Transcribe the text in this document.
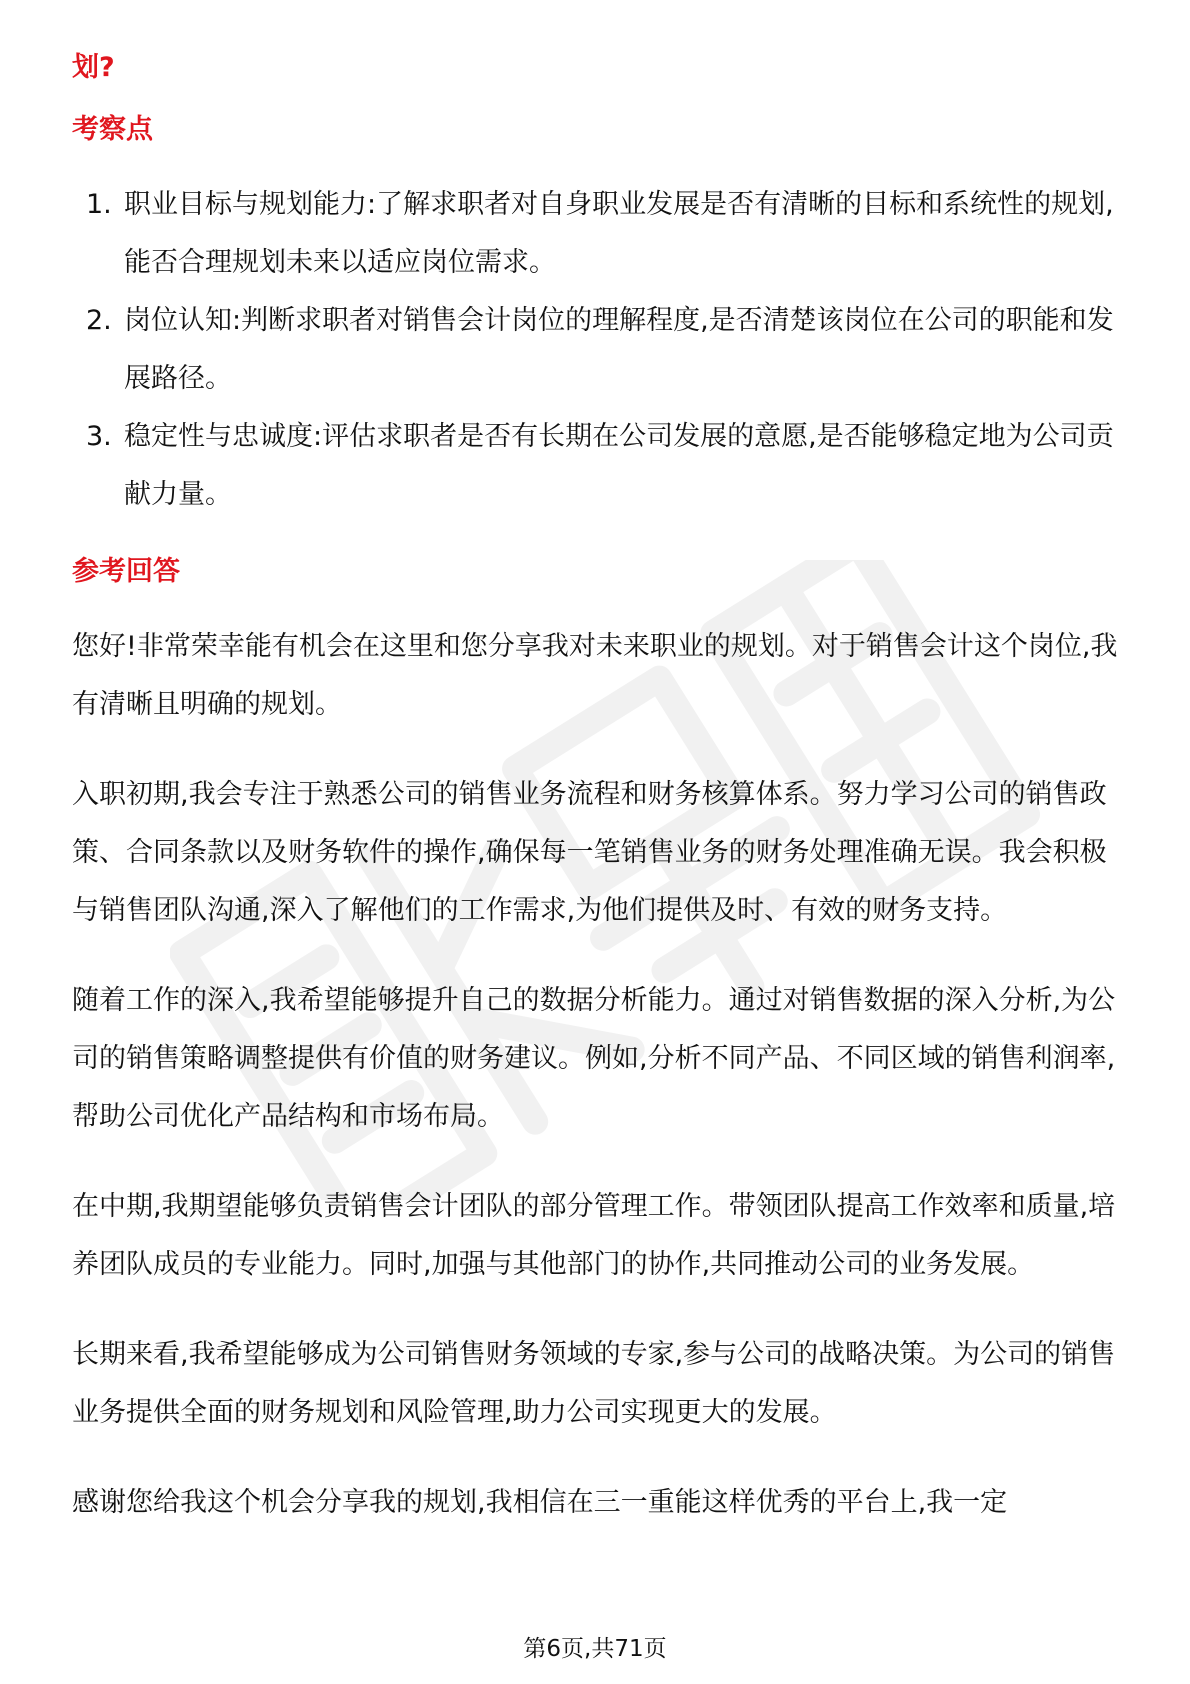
划?

考察点

1. 职业目标与规划能力:了解求职者对自身职业发展是否有清晰的目标和系统性的规划,能否合理规划未来以适应岗位需求。
2. 岗位认知:判断求职者对销售会计岗位的理解程度,是否清楚该岗位在公司的职能和发展路径。
3. 稳定性与忠诚度:评估求职者是否有长期在公司发展的意愿,是否能够稳定地为公司贡献力量。

参考回答

您好!非常荣幸能有机会在这里和您分享我对未来职业的规划。对于销售会计这个岗位,我有清晰且明确的规划。

入职初期,我会专注于熟悉公司的销售业务流程和财务核算体系。努力学习公司的销售政策、合同条款以及财务软件的操作,确保每一笔销售业务的财务处理准确无误。我会积极与销售团队沟通,深入了解他们的工作需求,为他们提供及时、有效的财务支持。

随着工作的深入,我希望能够提升自己的数据分析能力。通过对销售数据的深入分析,为公司的销售策略调整提供有价值的财务建议。例如,分析不同产品、不同区域的销售利润率,帮助公司优化产品结构和市场布局。

在中期,我期望能够负责销售会计团队的部分管理工作。带领团队提高工作效率和质量,培养团队成员的专业能力。同时,加强与其他部门的协作,共同推动公司的业务发展。

长期来看,我希望能够成为公司销售财务领域的专家,参与公司的战略决策。为公司的销售业务提供全面的财务规划和风险管理,助力公司实现更大的发展。

感谢您给我这个机会分享我的规划,我相信在三一重能这样优秀的平台上,我一定

第6页,共71页
